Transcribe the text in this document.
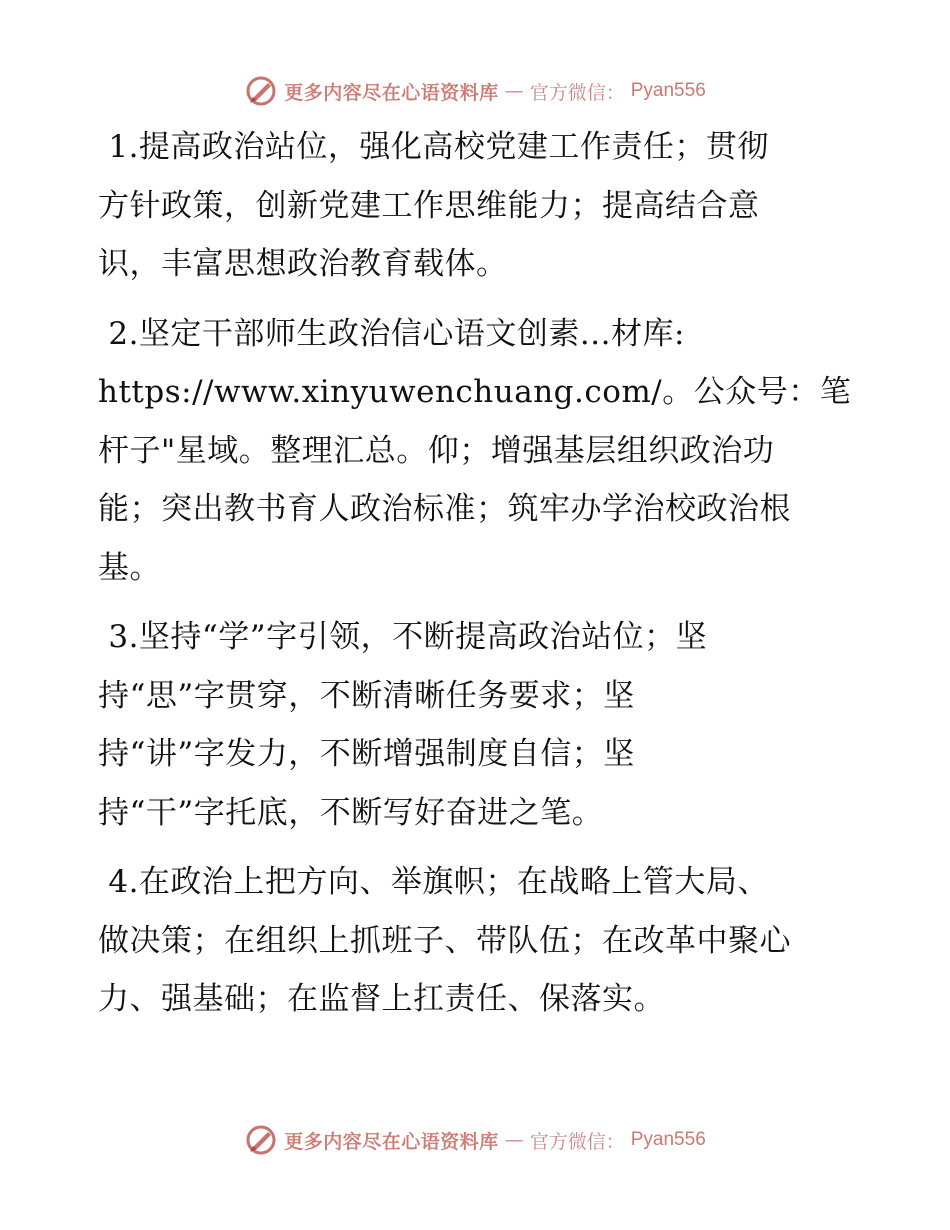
更多内容尽在心语资料库 — 官方微信： Pyan556

1.提高政治站位，强化高校党建工作责任；贯彻
方针政策，创新党建工作思维能力；提高结合意
识，丰富思想政治教育载体。

2.坚定干部师生政治信心语文创素...材库:
https://www.xinyuwenchuang.com/。公众号：笔
杆子"星域。整理汇总。仰；增强基层组织政治功
能；突出教书育人政治标准；筑牢办学治校政治根
基。

3.坚持“学”字引领，不断提高政治站位；坚
持“思”字贯穿，不断清晰任务要求；坚
持“讲”字发力，不断增强制度自信；坚
持“干”字托底，不断写好奋进之笔。

4.在政治上把方向、举旗帜；在战略上管大局、
做决策；在组织上抓班子、带队伍；在改革中聚心
力、强基础；在监督上扛责任、保落实。

更多内容尽在心语资料库 — 官方微信： Pyan556
